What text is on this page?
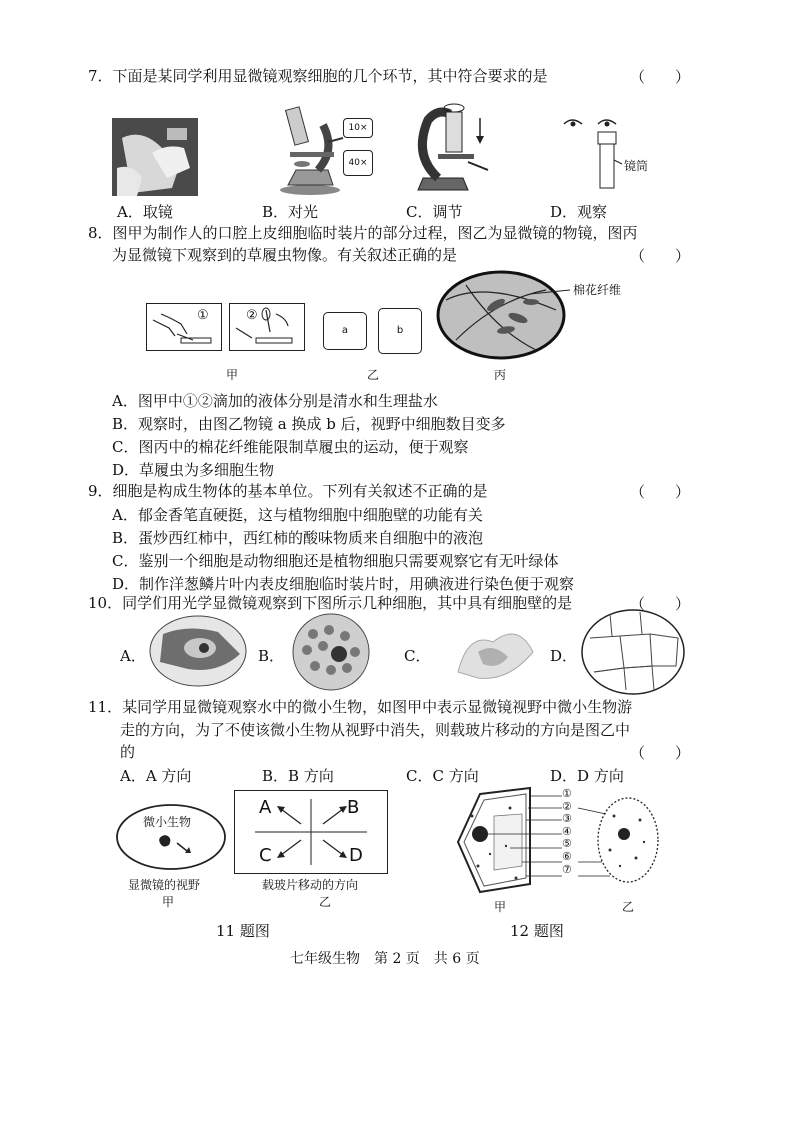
7．下面是某同学利用显微镜观察细胞的几个环节，其中符合要求的是	（　　）
10×
40×	镜筒
A．取镜	B．对光	C．调节	D．观察
8．图甲为制作人的口腔上皮细胞临时装片的部分过程，图乙为显微镜的物镜，图丙
为显微镜下观察到的草履虫物像。有关叙述正确的是	（　　）
①	②
甲
a	b
乙
棉花纤维
丙
A．图甲中①②滴加的液体分别是清水和生理盐水
B．观察时，由图乙物镜 a 换成 b 后，视野中细胞数目变多
C．图丙中的棉花纤维能限制草履虫的运动，便于观察
D．草履虫为多细胞生物
9．细胞是构成生物体的基本单位。下列有关叙述不正确的是	（　　）
A．郁金香笔直硬挺，这与植物细胞中细胞壁的功能有关
B．蛋炒西红柿中，西红柿的酸味物质来自细胞中的液泡
C．鉴别一个细胞是动物细胞还是植物细胞只需要观察它有无叶绿体
D．制作洋葱鳞片叶内表皮细胞临时装片时，用碘液进行染色便于观察
10．同学们用光学显微镜观察到下图所示几种细胞，其中具有细胞壁的是	（　　）
A．	B．	C．	D．
11．某同学用显微镜观察水中的微小生物，如图甲中表示显微镜视野中微小生物游
走的方向，为了不使该微小生物从视野中消失，则载玻片移动的方向是图乙中
的	（　　）
A．A 方向	B．B 方向	C．C 方向	D．D 方向
微小生物
显微镜的视野
甲
A	B
C	D
载玻片移动的方向
乙
11 题图
①
②
③
④
⑤
⑥
⑦
甲	乙
12 题图
七年级生物　第 2 页　共 6 页
